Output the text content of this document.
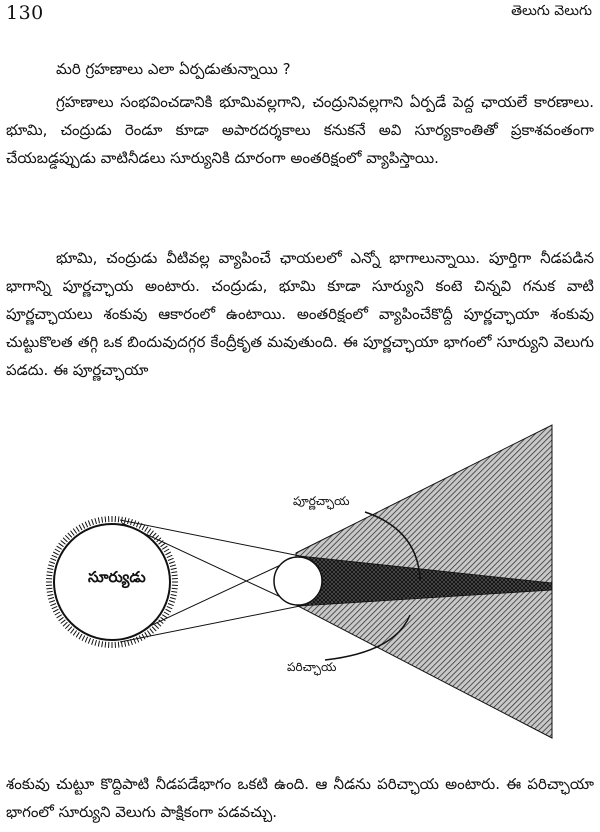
130	తెలుగు వెలుగు
మరి గ్రహణాలు ఎలా ఏర్పడుతున్నాయి ?
గ్రహణాలు సంభవించడానికి భూమివల్లగాని, చంద్రునివల్లగాని ఏర్పడే పెద్ద ఛాయలే కారణాలు. భూమి, చంద్రుడు రెండూ కూడా అపారదర్శకాలు కనుకనే అవి సూర్యకాంతితో ప్రకాశవంతంగా చేయబడ్డప్పుడు వాటినీడలు సూర్యునికి దూరంగా అంతరిక్షంలో వ్యాపిస్తాయి.
భూమి, చంద్రుడు వీటివల్ల వ్యాపించే ఛాయలలో ఎన్నో భాగాలున్నాయి. పూర్తిగా నీడపడిన భాగాన్ని పూర్ణచ్ఛాయ అంటారు. చంద్రుడు, భూమి కూడా సూర్యుని కంటె చిన్నవి గనుక వాటి పూర్ణచ్ఛాయలు శంకువు ఆకారంలో ఉంటాయి. అంతరిక్షంలో వ్యాపించేకొద్దీ పూర్ణచ్ఛాయా శంకువు చుట్టుకొలత తగ్గి ఒక బిందువుదగ్గర కేంద్రీకృత మవుతుంది. ఈ పూర్ణచ్ఛాయా భాగంలో సూర్యుని వెలుగు పడదు. ఈ పూర్ణచ్ఛాయా
సూర్యుడు
పూర్ణచ్ఛాయ
పరిచ్ఛాయ
శంకువు చుట్టూ కొద్దిపాటి నీడపడేభాగం ఒకటి ఉంది. ఆ నీడను పరిచ్ఛాయ అంటారు. ఈ పరిచ్ఛాయా భాగంలో సూర్యుని వెలుగు పాక్షికంగా పడవచ్చు.
